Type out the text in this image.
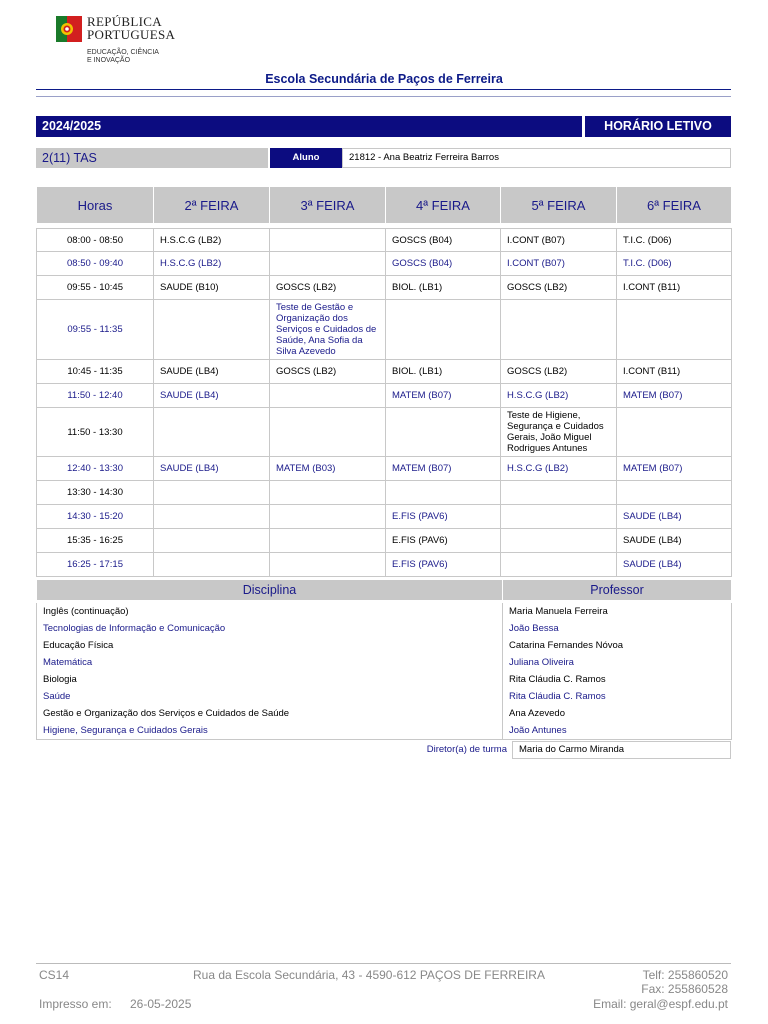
REPÚBLICA
PORTUGUESA
EDUCAÇÃO, CIÊNCIA
E INOVAÇÃO
Escola Secundária de Paços de Ferreira
2024/2025	HORÁRIO LETIVO
2(11) TAS	Aluno	21812 - Ana Beatriz Ferreira Barros
Horas	2ª FEIRA	3ª FEIRA	4ª FEIRA	5ª FEIRA	6ª FEIRA

08:00 - 08:50	H.S.C.G (LB2)		GOSCS (B04)	I.CONT (B07)	T.I.C. (D06)
08:50 - 09:40	H.S.C.G (LB2)		GOSCS (B04)	I.CONT (B07)	T.I.C. (D06)
09:55 - 10:45	SAUDE (B10)	GOSCS (LB2)	BIOL. (LB1)	GOSCS (LB2)	I.CONT (B11)
09:55 - 11:35		Teste de Gestão e Organização dos Serviços e Cuidados de Saúde, Ana Sofia da Silva Azevedo			
10:45 - 11:35	SAUDE (LB4)	GOSCS (LB2)	BIOL. (LB1)	GOSCS (LB2)	I.CONT (B11)
11:50 - 12:40	SAUDE (LB4)		MATEM (B07)	H.S.C.G (LB2)	MATEM (B07)
11:50 - 13:30				Teste de Higiene, Segurança e Cuidados Gerais, João Miguel Rodrigues Antunes	
12:40 - 13:30	SAUDE (LB4)	MATEM (B03)	MATEM (B07)	H.S.C.G (LB2)	MATEM (B07)
13:30 - 14:30					
14:30 - 15:20			E.FIS (PAV6)		SAUDE (LB4)
15:35 - 16:25			E.FIS (PAV6)		SAUDE (LB4)
16:25 - 17:15			E.FIS (PAV6)		SAUDE (LB4)
Disciplina	Professor

Inglês (continuação)	Maria Manuela Ferreira
Tecnologias de Informação e Comunicação	João Bessa
Educação Física	Catarina Fernandes Nóvoa
Matemática	Juliana Oliveira
Biologia	Rita Cláudia C. Ramos
Saúde	Rita Cláudia C. Ramos
Gestão e Organização dos Serviços e Cuidados de Saúde	Ana Azevedo
Higiene, Segurança e Cuidados Gerais	João Antunes
Diretor(a) de turma	Maria do Carmo Miranda
CS14	Rua da Escola Secundária, 43 - 4590-612 PAÇOS DE FERREIRA	Telf: 255860520
Fax: 255860528
Impresso em: 26-05-2025	Email: geral@espf.edu.pt
